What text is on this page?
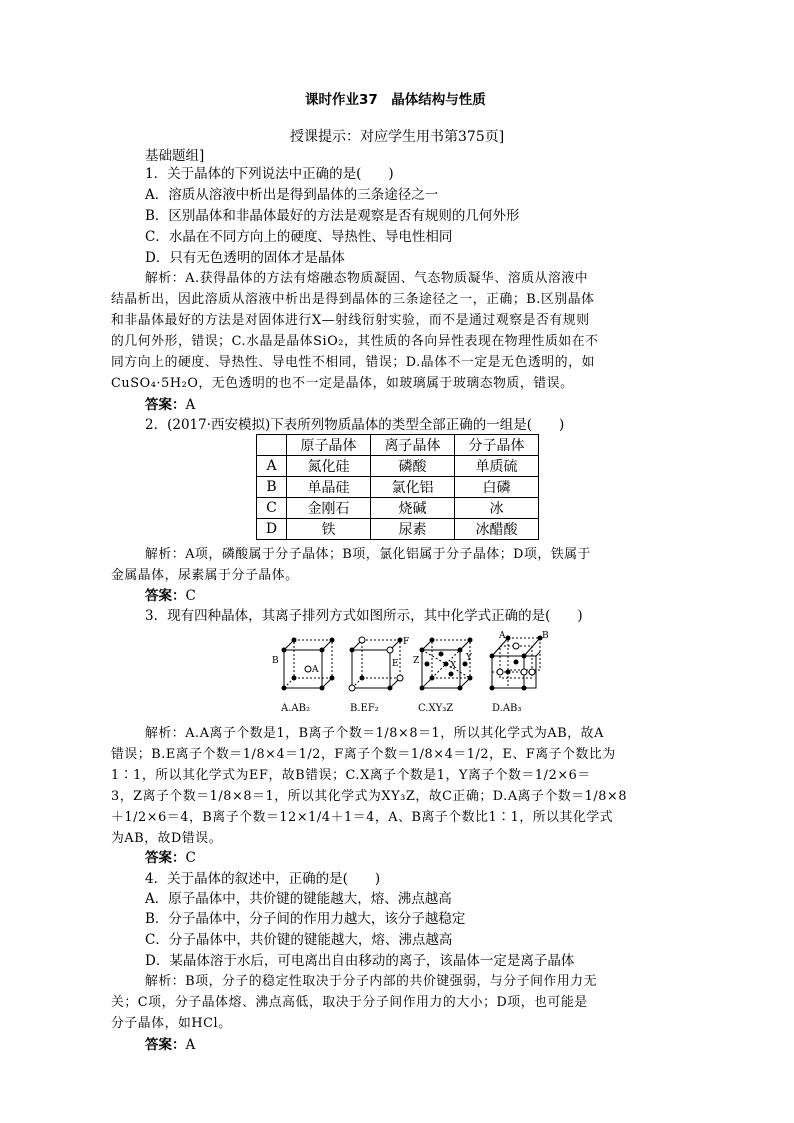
课时作业37　晶体结构与性质
授课提示：对应学生用书第375页]
基础题组]
1．关于晶体的下列说法中正确的是(　　)
A．溶质从溶液中析出是得到晶体的三条途径之一
B．区别晶体和非晶体最好的方法是观察是否有规则的几何外形
C．水晶在不同方向上的硬度、导热性、导电性相同
D．只有无色透明的固体才是晶体
解析：A.获得晶体的方法有熔融态物质凝固、气态物质凝华、溶质从溶液中
结晶析出，因此溶质从溶液中析出是得到晶体的三条途径之一，正确；B.区别晶体
和非晶体最好的方法是对固体进行X—射线衍射实验，而不是通过观察是否有规则
的几何外形，错误；C.水晶是晶体SiO₂，其性质的各向异性表现在物理性质如在不
同方向上的硬度、导热性、导电性不相同，错误；D.晶体不一定是无色透明的，如
CuSO₄·5H₂O，无色透明的也不一定是晶体，如玻璃属于玻璃态物质，错误。
答案：A
2．(2017·西安模拟)下表所列物质晶体的类型全部正确的一组是(　　)
	原子晶体	离子晶体	分子晶体
A	氮化硅	磷酸	单质硫
B	单晶硅	氯化铝	白磷
C	金刚石	烧碱	冰
D	铁	尿素	冰醋酸
解析：A项，磷酸属于分子晶体；B项，氯化铝属于分子晶体；D项，铁属于
金属晶体，尿素属于分子晶体。
答案：C
3．现有四种晶体，其离子排列方式如图所示，其中化学式正确的是(　　)
B
A
F
E Z	Y
X
A	B
A.AB₂	B.EF₂	C.XY₃Z	D.AB₃
解析：A.A离子个数是1，B离子个数＝1/8×8＝1，所以其化学式为AB，故A
错误；B.E离子个数＝1/8×4＝1/2，F离子个数＝1/8×4＝1/2，E、F离子个数比为
1∶1，所以其化学式为EF，故B错误；C.X离子个数是1，Y离子个数＝1/2×6＝
3，Z离子个数＝1/8×8＝1，所以其化学式为XY₃Z，故C正确；D.A离子个数＝1/8×8
＋1/2×6＝4，B离子个数＝12×1/4＋1＝4，A、B离子个数比1∶1，所以其化学式
为AB，故D错误。
答案：C
4．关于晶体的叙述中，正确的是(　　)
A．原子晶体中，共价键的键能越大，熔、沸点越高
B．分子晶体中，分子间的作用力越大，该分子越稳定
C．分子晶体中，共价键的键能越大，熔、沸点越高
D．某晶体溶于水后，可电离出自由移动的离子，该晶体一定是离子晶体
解析：B项，分子的稳定性取决于分子内部的共价键强弱，与分子间作用力无
关；C项，分子晶体熔、沸点高低，取决于分子间作用力的大小；D项，也可能是
分子晶体，如HCl。
答案：A
